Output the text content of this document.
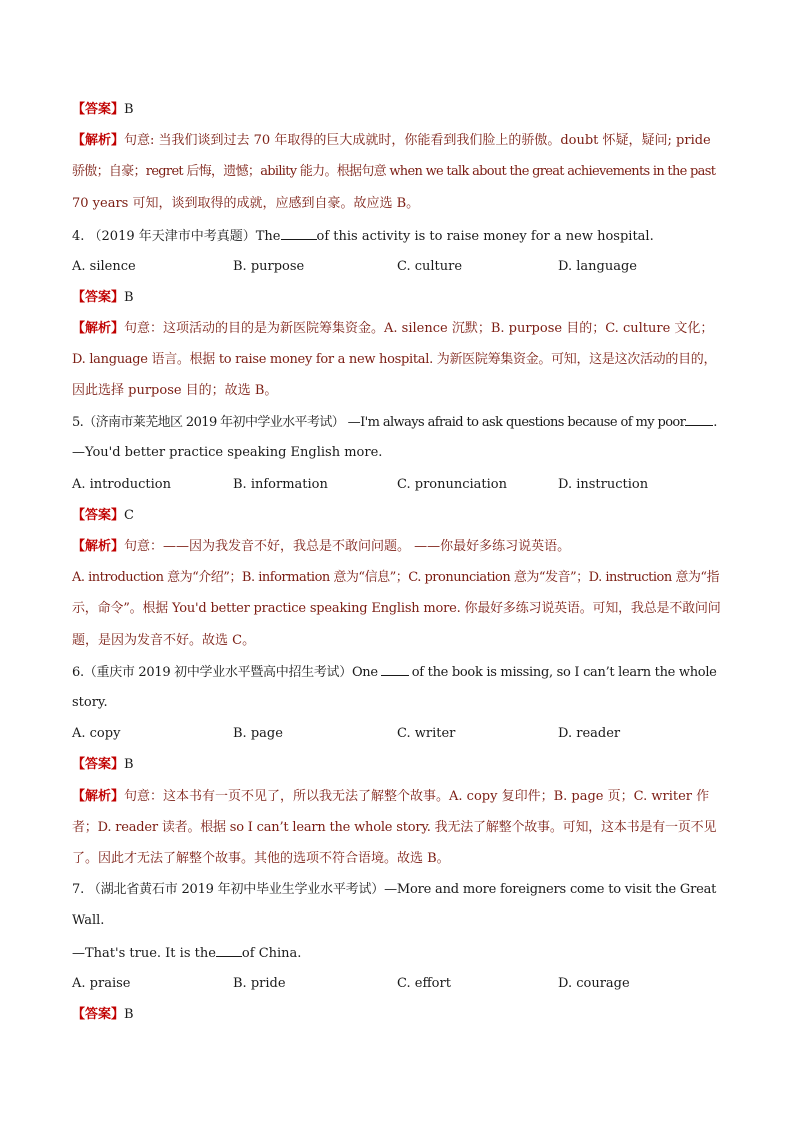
【答案】B
【解析】句意: 当我们谈到过去 70 年取得的巨大成就时，你能看到我们脸上的骄傲。doubt 怀疑，疑问; pride
骄傲；自豪；regret 后悔，遗憾；ability 能力。根据句意 when we talk about the great achievements in the past
70 years 可知，谈到取得的成就，应感到自豪。故应选 B。
4. （2019 年天津市中考真题）The	of this activity is to raise money for a new hospital.
A. silence	B. purpose	C. culture	D. language
【答案】B
【解析】句意：这项活动的目的是为新医院筹集资金。A. silence 沉默；B. purpose 目的；C. culture 文化；
D. language 语言。根据 to raise money for a new hospital. 为新医院筹集资金。可知，这是这次活动的目的，
因此选择 purpose 目的；故选 B。
5.（济南市莱芜地区 2019 年初中学业水平考试） —I'm always afraid to ask questions because of my poor .
—You'd better practice speaking English more.
A. introduction	B. information	C. pronunciation	D. instruction
【答案】C
【解析】句意：——因为我发音不好，我总是不敢问问题。 ——你最好多练习说英语。
A. introduction 意为“介绍”；B. information 意为“信息”；C. pronunciation 意为“发音”；D. instruction 意为“指
示，命令”。根据 You'd better practice speaking English more. 你最好多练习说英语。可知，我总是不敢问问
题，是因为发音不好。故选 C。
6.（重庆市 2019 初中学业水平暨高中招生考试）One	of the book is missing, so I can’t learn the whole
story.
A. copy	B. page	C. writer	D. reader
【答案】B
【解析】句意：这本书有一页不见了，所以我无法了解整个故事。A. copy 复印件；B. page 页；C. writer 作
者；D. reader 读者。根据 so I can’t learn the whole story. 我无法了解整个故事。可知，这本书是有一页不见
了。因此才无法了解整个故事。其他的选项不符合语境。故选 B。
7. （湖北省黄石市 2019 年初中毕业生学业水平考试）—More and more foreigners come to visit the Great
Wall.
—That's true. It is the of China.
A. praise	B. pride	C. effort	D. courage
【答案】B
